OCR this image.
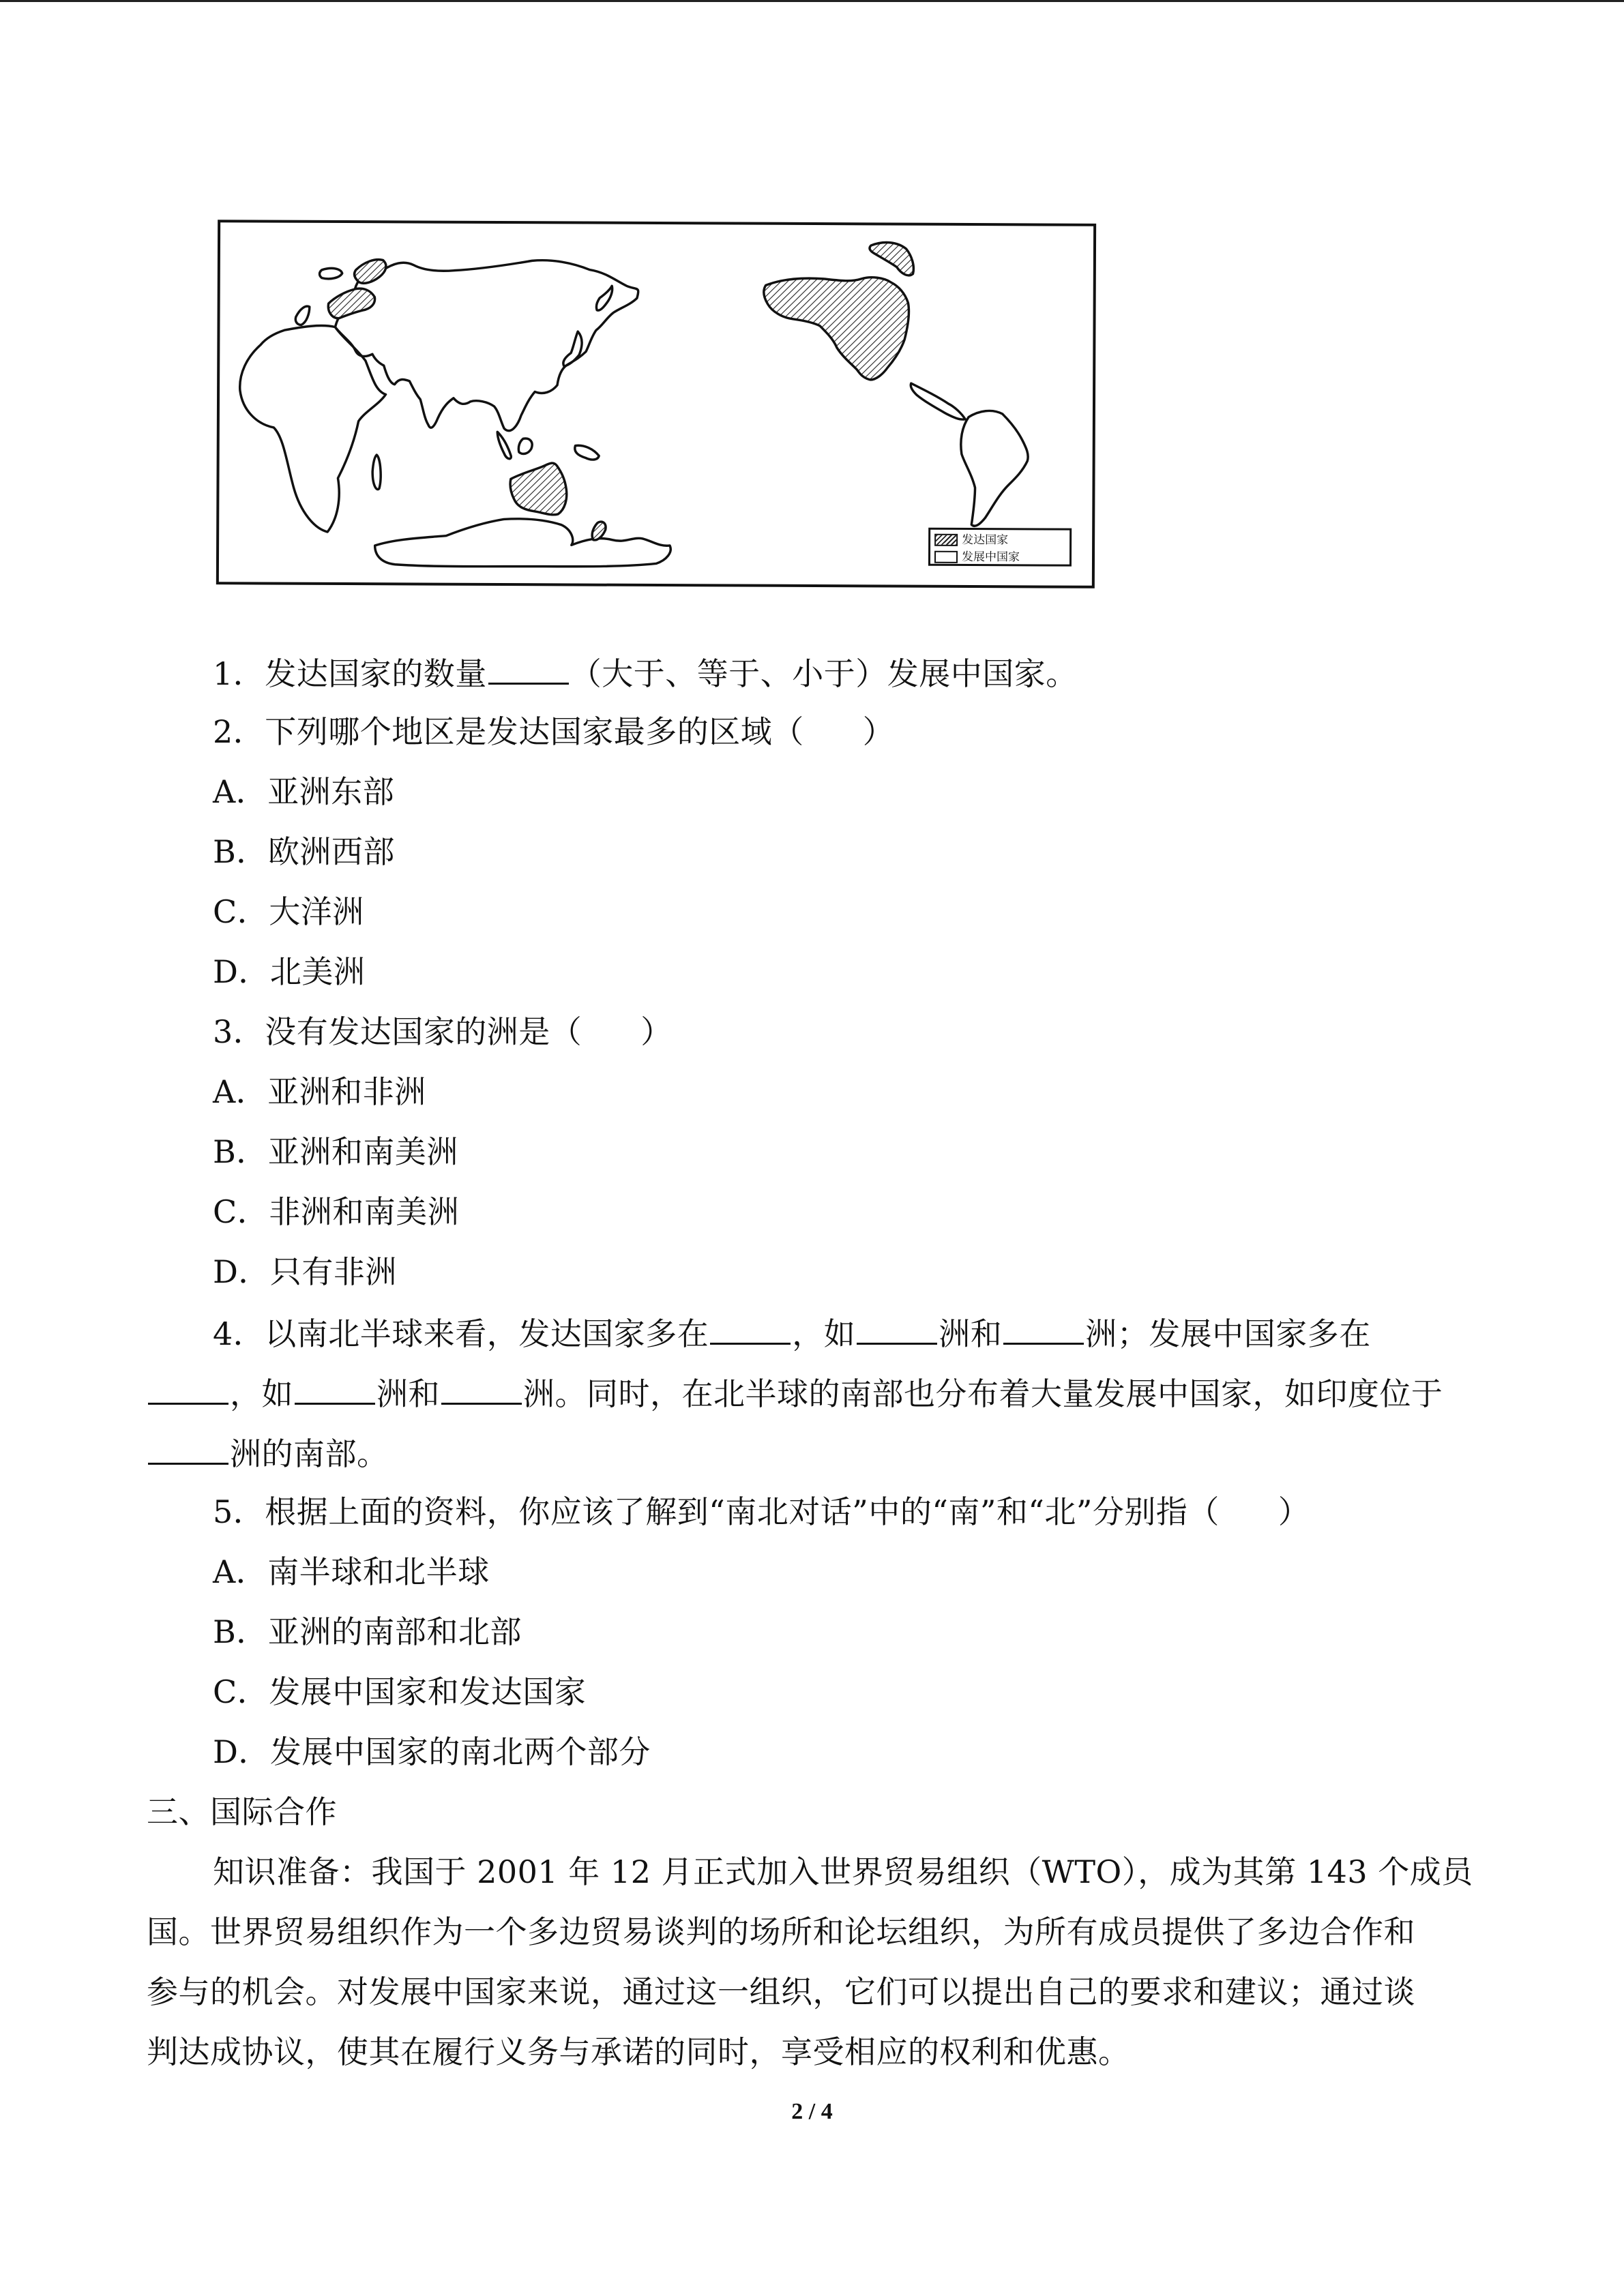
发达国家
发展中国家
1．发达国家的数量	（大于、等于、小于）发展中国家。
2．下列哪个地区是发达国家最多的区域（ ）
A．亚洲东部
B．欧洲西部
C．大洋洲
D．北美洲
3．没有发达国家的洲是（ ）
A．亚洲和非洲
B．亚洲和南美洲
C．非洲和南美洲
D．只有非洲
4．以南北半球来看，发达国家多在	，如	洲和	洲；发展中国家多在
，如	洲和	洲。同时，在北半球的南部也分布着大量发展中国家，如印度位于
洲的南部。
5．根据上面的资料，你应该了解到“南北对话”中的“南”和“北”分别指（ ）
A．南半球和北半球
B．亚洲的南部和北部
C．发展中国家和发达国家
D．发展中国家的南北两个部分
三、国际合作
知识准备：我国于 2001 年 12 月正式加入世界贸易组织（WTO），成为其第 143 个成员
国。世界贸易组织作为一个多边贸易谈判的场所和论坛组织，为所有成员提供了多边合作和
参与的机会。对发展中国家来说，通过这一组织，它们可以提出自己的要求和建议；通过谈
判达成协议，使其在履行义务与承诺的同时，享受相应的权利和优惠。
2 / 4
